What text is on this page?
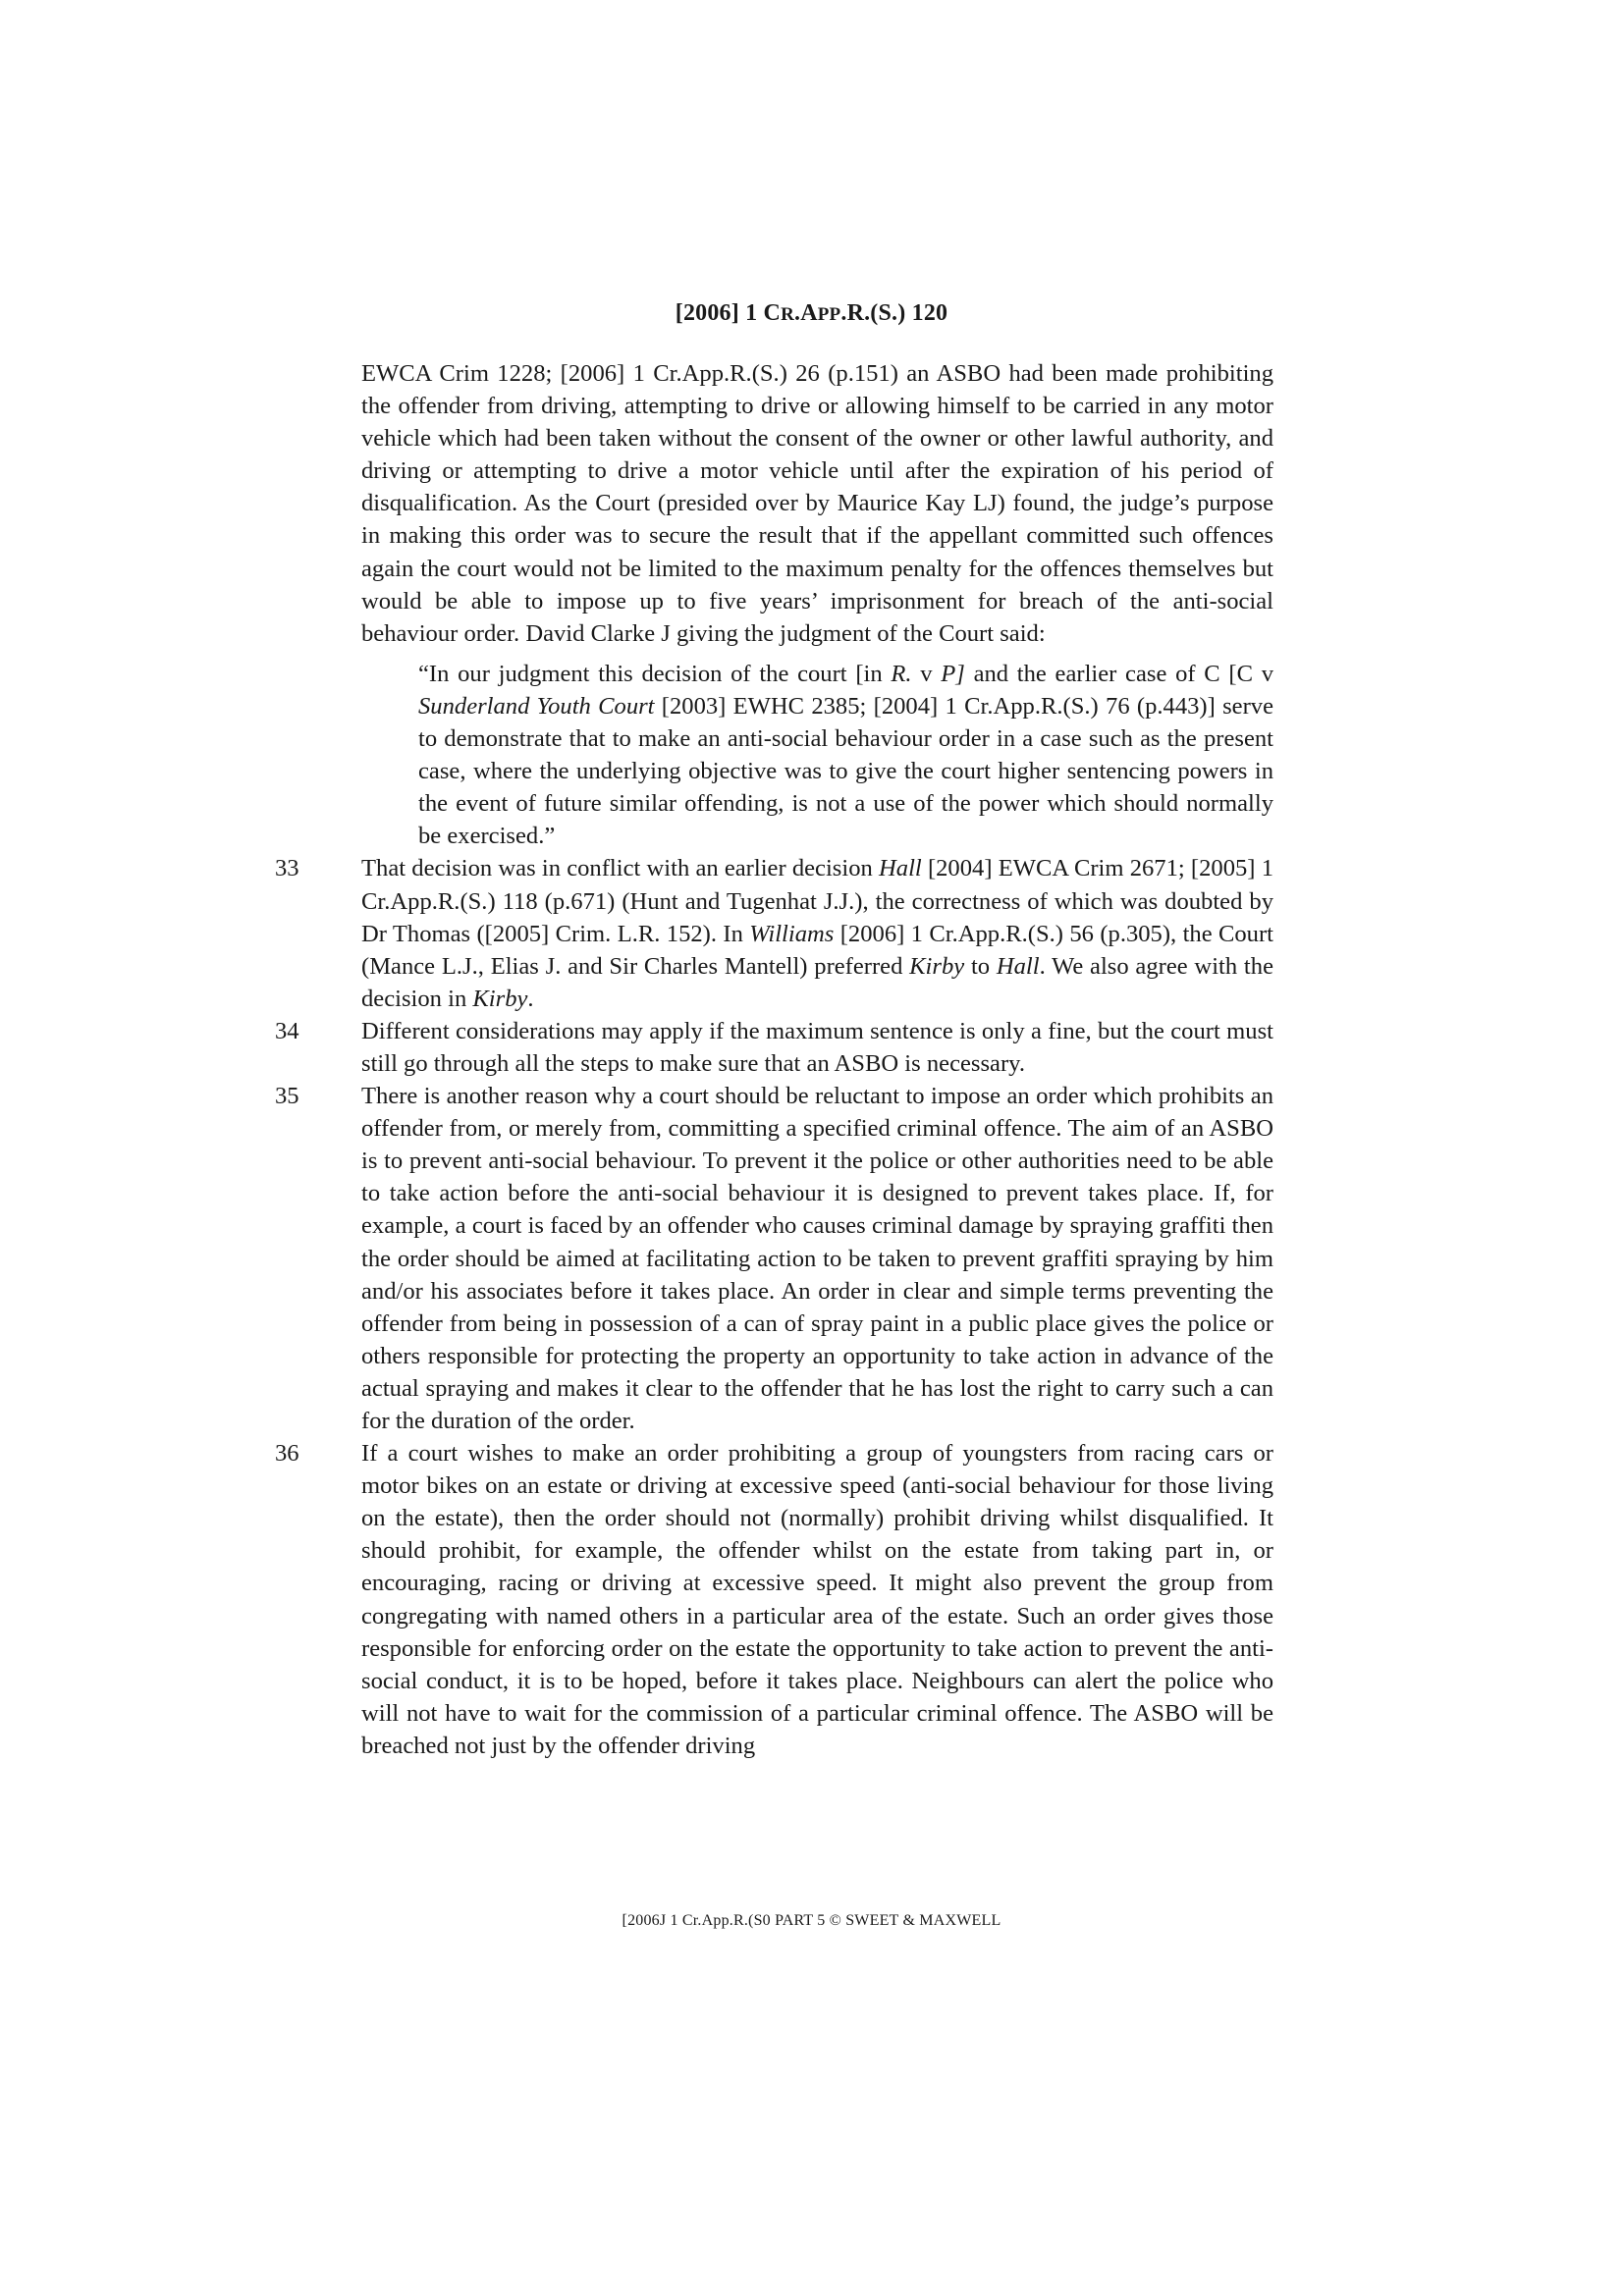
[2006] 1 CR.APP.R.(S.) 120

EWCA Crim 1228; [2006] 1 Cr.App.R.(S.) 26 (p.151) an ASBO had been made prohibiting the offender from driving, attempting to drive or allowing himself to be carried in any motor vehicle which had been taken without the consent of the owner or other lawful authority, and driving or attempting to drive a motor vehicle until after the expiration of his period of disqualification. As the Court (presided over by Maurice Kay LJ) found, the judge’s purpose in making this order was to secure the result that if the appellant committed such offences again the court would not be limited to the maximum penalty for the offences themselves but would be able to impose up to five years’ imprisonment for breach of the anti-social behaviour order. David Clarke J giving the judgment of the Court said:

“In our judgment this decision of the court [in R. v P] and the earlier case of C [C v Sunderland Youth Court [2003] EWHC 2385; [2004] 1 Cr.App.R.(S.) 76 (p.443)] serve to demonstrate that to make an anti-social behaviour order in a case such as the present case, where the underlying objective was to give the court higher sentencing powers in the event of future similar offending, is not a use of the power which should normally be exercised.”

33	That decision was in conflict with an earlier decision Hall [2004] EWCA Crim 2671; [2005] 1 Cr.App.R.(S.) 118 (p.671) (Hunt and Tugenhat J.J.), the correctness of which was doubted by Dr Thomas ([2005] Crim. L.R. 152). In Williams [2006] 1 Cr.App.R.(S.) 56 (p.305), the Court (Mance L.J., Elias J. and Sir Charles Mantell) preferred Kirby to Hall. We also agree with the decision in Kirby.

34	Different considerations may apply if the maximum sentence is only a fine, but the court must still go through all the steps to make sure that an ASBO is necessary.

35	There is another reason why a court should be reluctant to impose an order which prohibits an offender from, or merely from, committing a specified criminal offence. The aim of an ASBO is to prevent anti-social behaviour. To prevent it the police or other authorities need to be able to take action before the anti-social behaviour it is designed to prevent takes place. If, for example, a court is faced by an offender who causes criminal damage by spraying graffiti then the order should be aimed at facilitating action to be taken to prevent graffiti spraying by him and/or his associates before it takes place. An order in clear and simple terms preventing the offender from being in possession of a can of spray paint in a public place gives the police or others responsible for protecting the property an opportunity to take action in advance of the actual spraying and makes it clear to the offender that he has lost the right to carry such a can for the duration of the order.

36	If a court wishes to make an order prohibiting a group of youngsters from racing cars or motor bikes on an estate or driving at excessive speed (anti-social behaviour for those living on the estate), then the order should not (normally) prohibit driving whilst disqualified. It should prohibit, for example, the offender whilst on the estate from taking part in, or encouraging, racing or driving at excessive speed. It might also prevent the group from congregating with named others in a particular area of the estate. Such an order gives those responsible for enforcing order on the estate the opportunity to take action to prevent the anti-social conduct, it is to be hoped, before it takes place. Neighbours can alert the police who will not have to wait for the commission of a particular criminal offence. The ASBO will be breached not just by the offender driving

[2006J 1 Cr.App.R.(S0 PART 5 © SWEET & MAXWELL
